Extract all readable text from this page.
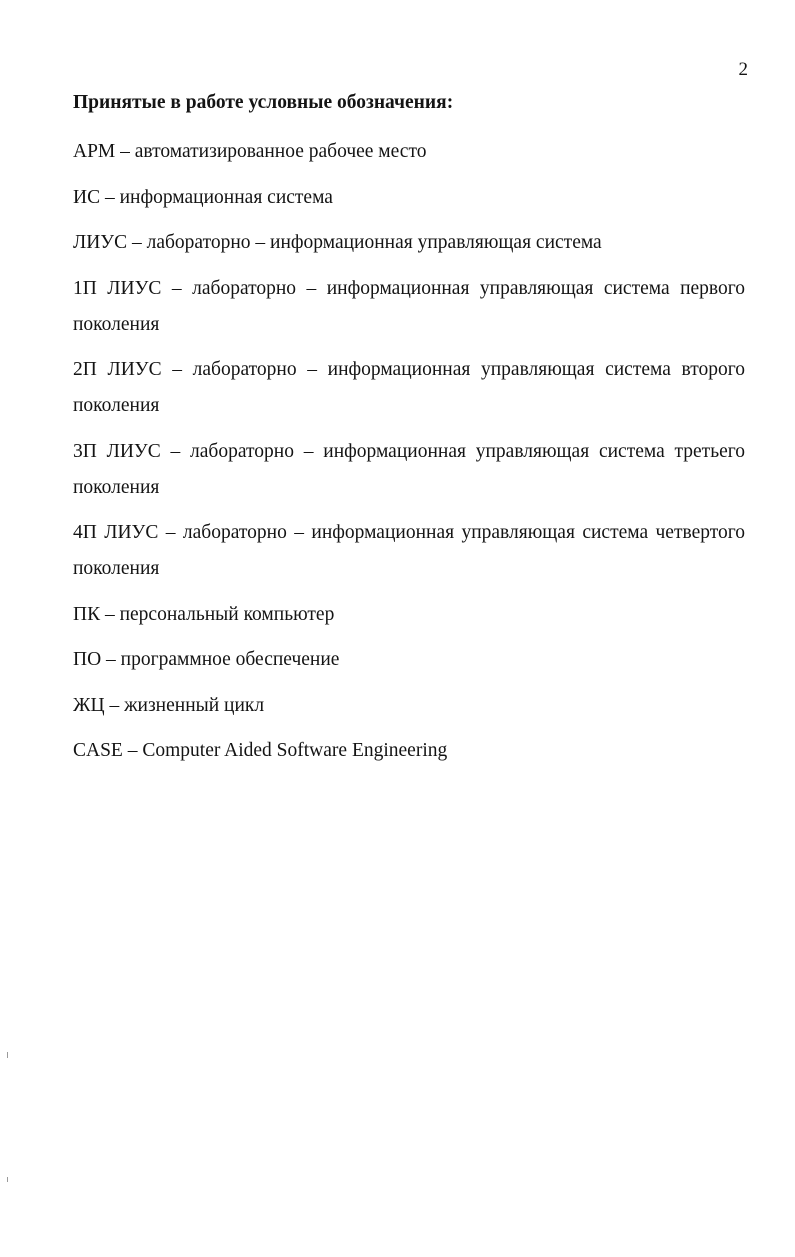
2
Принятые в работе условные обозначения:
АРМ – автоматизированное рабочее место
ИС – информационная система
ЛИУС – лабораторно – информационная управляющая система
1П ЛИУС – лабораторно – информационная управляющая система первого поколения
2П ЛИУС – лабораторно – информационная управляющая система второго поколения
3П ЛИУС – лабораторно – информационная управляющая система третьего поколения
4П ЛИУС – лабораторно – информационная управляющая система четвертого поколения
ПК – персональный компьютер
ПО – программное обеспечение
ЖЦ – жизненный цикл
CASE – Computer Aided Software Engineering
